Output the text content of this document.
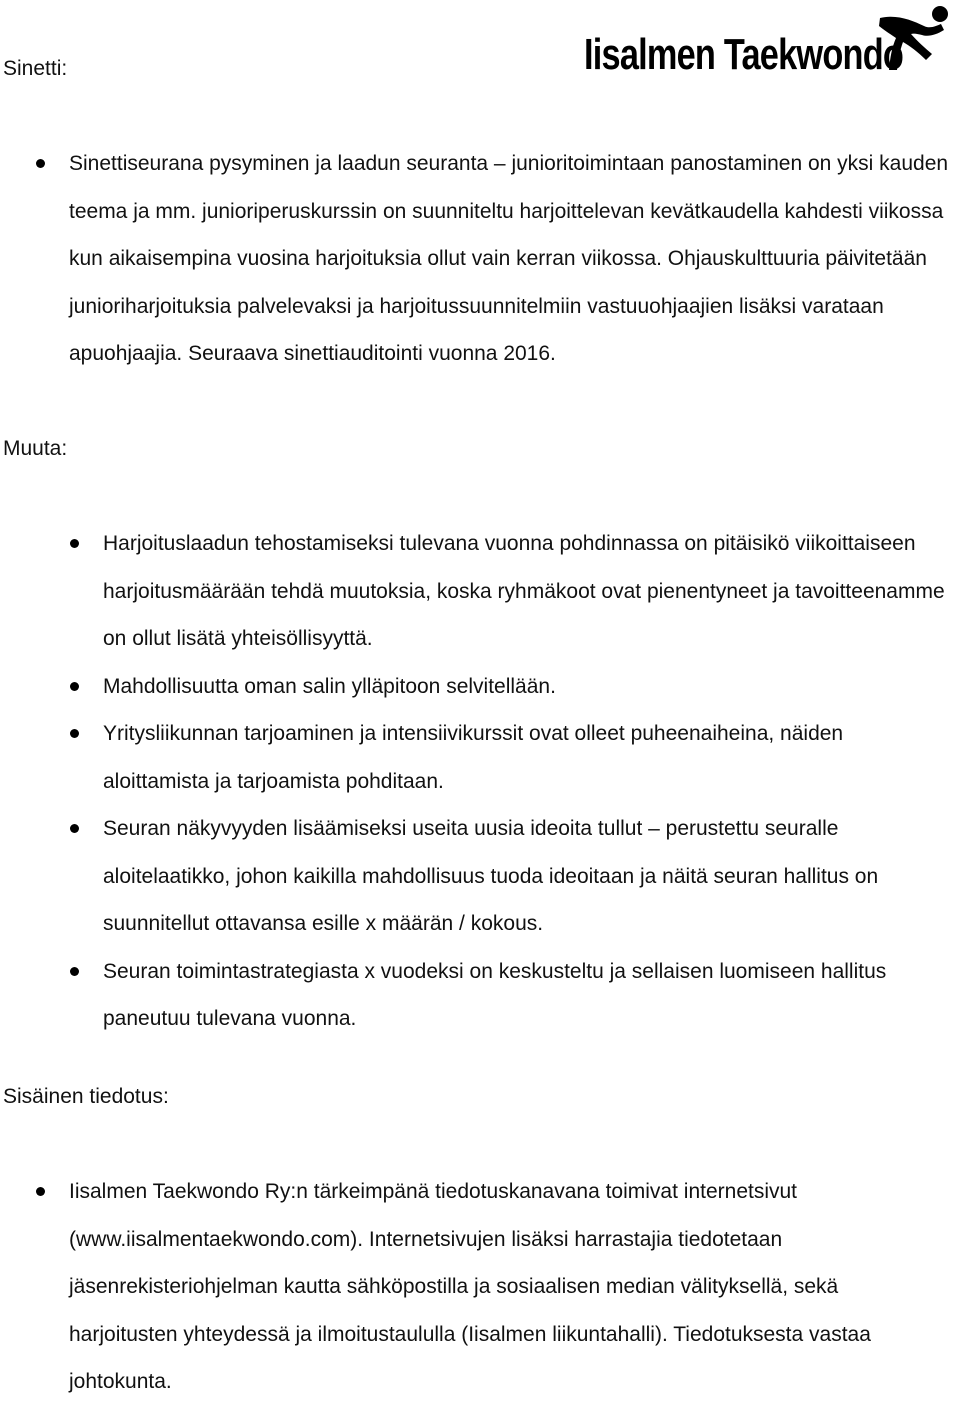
Iisalmen Taekwondo
Sinetti:
Sinettiseurana pysyminen ja laadun seuranta – junioritoimintaan panostaminen on yksi kauden teema ja mm. junioriperuskurssin on suunniteltu harjoittelevan kevätkaudella kahdesti viikossa kun aikaisempina vuosina harjoituksia ollut vain kerran viikossa. Ohjauskulttuuria päivitetään junioriharjoituksia palvelevaksi ja harjoitussuunnitelmiin vastuuohjaajien lisäksi varataan apuohjaajia. Seuraava sinettiauditointi vuonna 2016.
Muuta:
Harjoituslaadun tehostamiseksi tulevana vuonna pohdinnassa on pitäisikö viikoittaiseen harjoitusmäärään tehdä muutoksia, koska ryhmäkoot ovat pienentyneet ja tavoitteenamme on ollut lisätä yhteisöllisyyttä.
Mahdollisuutta oman salin ylläpitoon selvitellään.
Yritysliikunnan tarjoaminen ja intensiivikurssit ovat olleet puheenaiheina, näiden aloittamista ja tarjoamista pohditaan.
Seuran näkyvyyden lisäämiseksi useita uusia ideoita tullut – perustettu seuralle aloitelaatikko, johon kaikilla mahdollisuus tuoda ideoitaan ja näitä seuran hallitus on suunnitellut ottavansa esille x määrän / kokous.
Seuran toimintastrategiasta x vuodeksi on keskusteltu ja sellaisen luomiseen hallitus paneutuu tulevana vuonna.
Sisäinen tiedotus:
Iisalmen Taekwondo Ry:n tärkeimpänä tiedotuskanavana toimivat internetsivut (www.iisalmentaekwondo.com). Internetsivujen lisäksi harrastajia tiedotetaan jäsenrekisteriohjelman kautta sähköpostilla ja sosiaalisen median välityksellä, sekä harjoitusten yhteydessä ja ilmoitustaululla (Iisalmen liikuntahalli). Tiedotuksesta vastaa johtokunta.
